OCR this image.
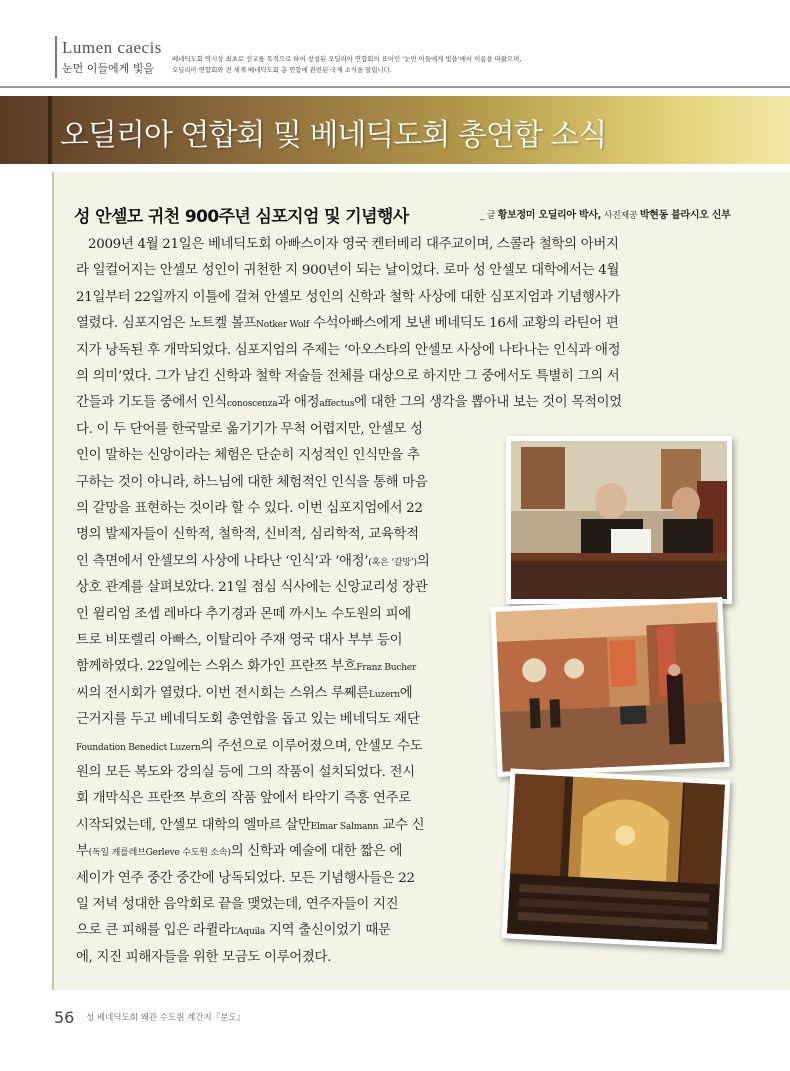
Lumen caecis
눈먼 이들에게 빛을
베네딕도회 역시상 최초로 선교를 목적으로 하여 창설된 오딜리아 연합회의 표어인 ‘눈먼 이들에게 빛을’에서 이름을 따왔으며,
오딜리아 연합회와 전 세계 베네딕도회 총 연합에 관련된 국제 소식을 알립니다.
오딜리아 연합회 및 베네딕도회 총연합 소식
성 안셀모 귀천 900주년 심포지엄 및 기념행사	_ 글 황보정미 오딜리아 박사, 사진제공 박현동 블라시오 신부
2009년 4월 21일은 베네딕도회 아빠스이자 영국 켄터베리 대주교이며, 스콜라 철학의 아버지
라 일컬어지는 안셀모 성인이 귀천한 지 900년이 되는 날이었다. 로마 성 안셀모 대학에서는 4월
21일부터 22일까지 이틀에 걸쳐 안셀모 성인의 신학과 철학 사상에 대한 심포지엄과 기념행사가
열렸다. 심포지엄은 노트켈 볼프Notker Wolf 수석아빠스에게 보낸 베네딕도 16세 교황의 라틴어 편
지가 낭독된 후 개막되었다. 심포지엄의 주제는 ‘아오스타의 안셀모 사상에 나타나는 인식과 애정
의 의미’였다. 그가 남긴 신학과 철학 저술들 전체를 대상으로 하지만 그 중에서도 특별히 그의 서
간들과 기도들 중에서 인식conoscenza과 애정affectus에 대한 그의 생각을 뽑아내 보는 것이 목적이었
다. 이 두 단어를 한국말로 옮기기가 무척 어렵지만, 안셀모 성
인이 말하는 신앙이라는 체험은 단순히 지성적인 인식만을 추
구하는 것이 아니라, 하느님에 대한 체험적인 인식을 통해 마음
의 갈망을 표현하는 것이라 할 수 있다. 이번 심포지엄에서 22
명의 발제자들이 신학적, 철학적, 신비적, 심리학적, 교육학적
인 측면에서 안셀모의 사상에 나타난 ‘인식’과 ‘애정’(혹은 ‘갈망’)의
상호 관계를 살펴보았다. 21일 점심 식사에는 신앙교리성 장관
인 윌리엄 조셉 레바다 추기경과 몬떼 까시노 수도원의 피에
트로 비또렐리 아빠스, 이탈리아 주재 영국 대사 부부 등이
함께하였다. 22일에는 스위스 화가인 프란쯔 부흐Franz Bucher
씨의 전시회가 열렸다. 이번 전시회는 스위스 루쩨른Luzern에
근거지를 두고 베네딕도회 총연합을 돕고 있는 베네딕도 재단
Foundation Benedict Luzern의 주선으로 이루어졌으며, 안셀모 수도
원의 모든 복도와 강의실 등에 그의 작품이 설치되었다. 전시
회 개막식은 프란쯔 부흐의 작품 앞에서 타악기 즉흥 연주로
시작되었는데, 안셀모 대학의 엘마르 살만Elmar Salmann 교수 신
부(독일 게를레브Gerleve 수도원 소속)의 신학과 예술에 대한 짧은 에
세이가 연주 중간 중간에 낭독되었다. 모든 기념행사들은 22
일 저녁 성대한 음악회로 끝을 맺었는데, 연주자들이 지진
으로 큰 피해를 입은 라퀼라L’Aquila 지역 출신이었기 때문
에, 지진 피해자들을 위한 모금도 이루어졌다.
56 성 베네딕도회 왜관 수도원 계간지『분도』
